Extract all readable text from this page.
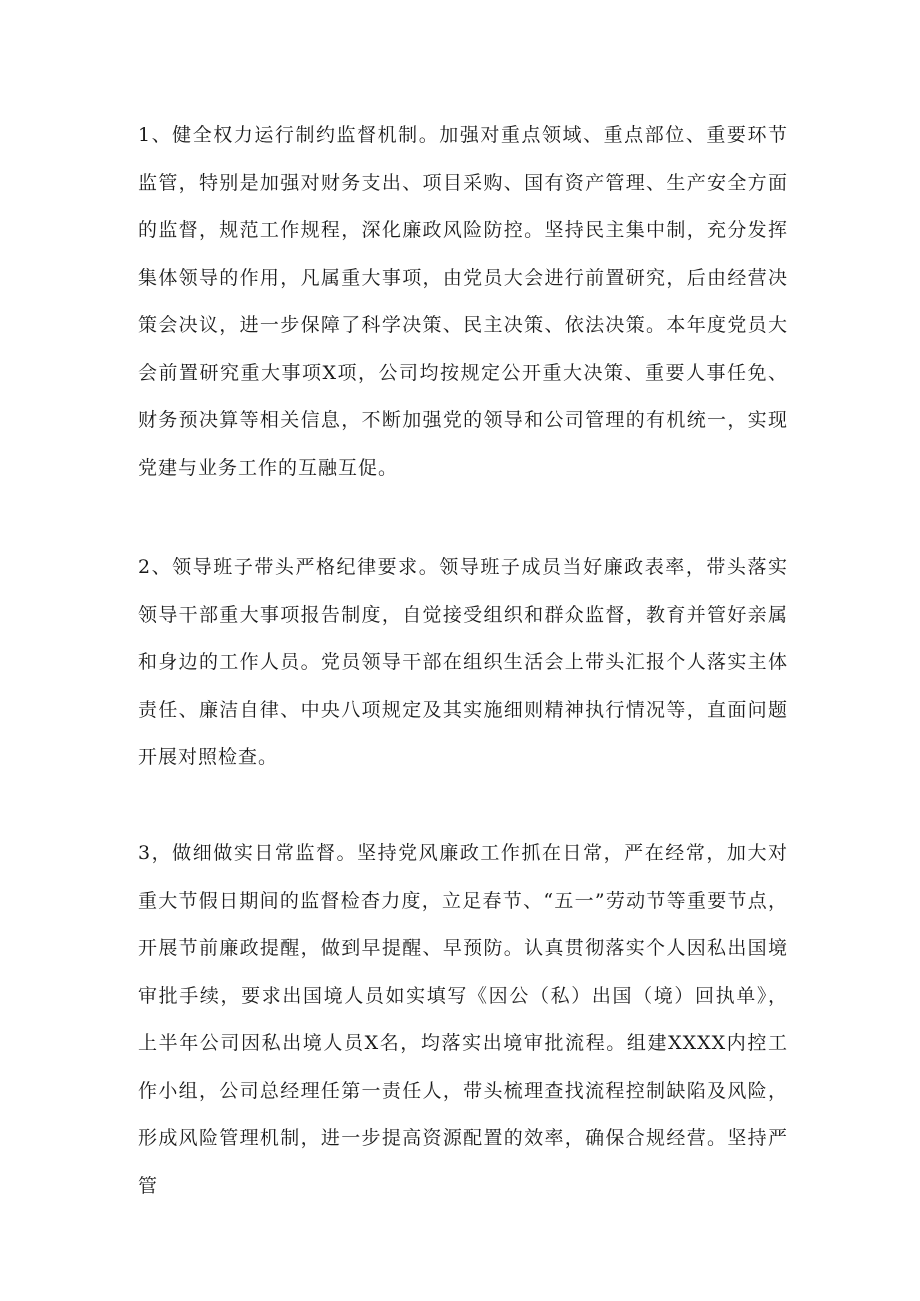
1、健全权力运行制约监督机制。加强对重点领域、重点部位、重要环节监管，特别是加强对财务支出、项目采购、国有资产管理、生产安全方面的监督，规范工作规程，深化廉政风险防控。坚持民主集中制，充分发挥集体领导的作用，凡属重大事项，由党员大会进行前置研究，后由经营决策会决议，进一步保障了科学决策、民主决策、依法决策。本年度党员大会前置研究重大事项X项，公司均按规定公开重大决策、重要人事任免、财务预决算等相关信息，不断加强党的领导和公司管理的有机统一，实现党建与业务工作的互融互促。

2、领导班子带头严格纪律要求。领导班子成员当好廉政表率，带头落实领导干部重大事项报告制度，自觉接受组织和群众监督，教育并管好亲属和身边的工作人员。党员领导干部在组织生活会上带头汇报个人落实主体责任、廉洁自律、中央八项规定及其实施细则精神执行情况等，直面问题开展对照检查。

3，做细做实日常监督。坚持党风廉政工作抓在日常，严在经常，加大对重大节假日期间的监督检杳力度，立足春节、“五一”劳动节等重要节点，开展节前廉政提醒，做到早提醒、早预防。认真贯彻落实个人因私出国境审批手续，要求出国境人员如实填写《因公（私）出国（境）回执单》，上半年公司因私出境人员X名，均落实出境审批流程。组建XXXX内控工作小组，公司总经理任第一责任人，带头梳理查找流程控制缺陷及风险，形成风险管理机制，进一步提高资源配置的效率，确保合规经营。坚持严管
